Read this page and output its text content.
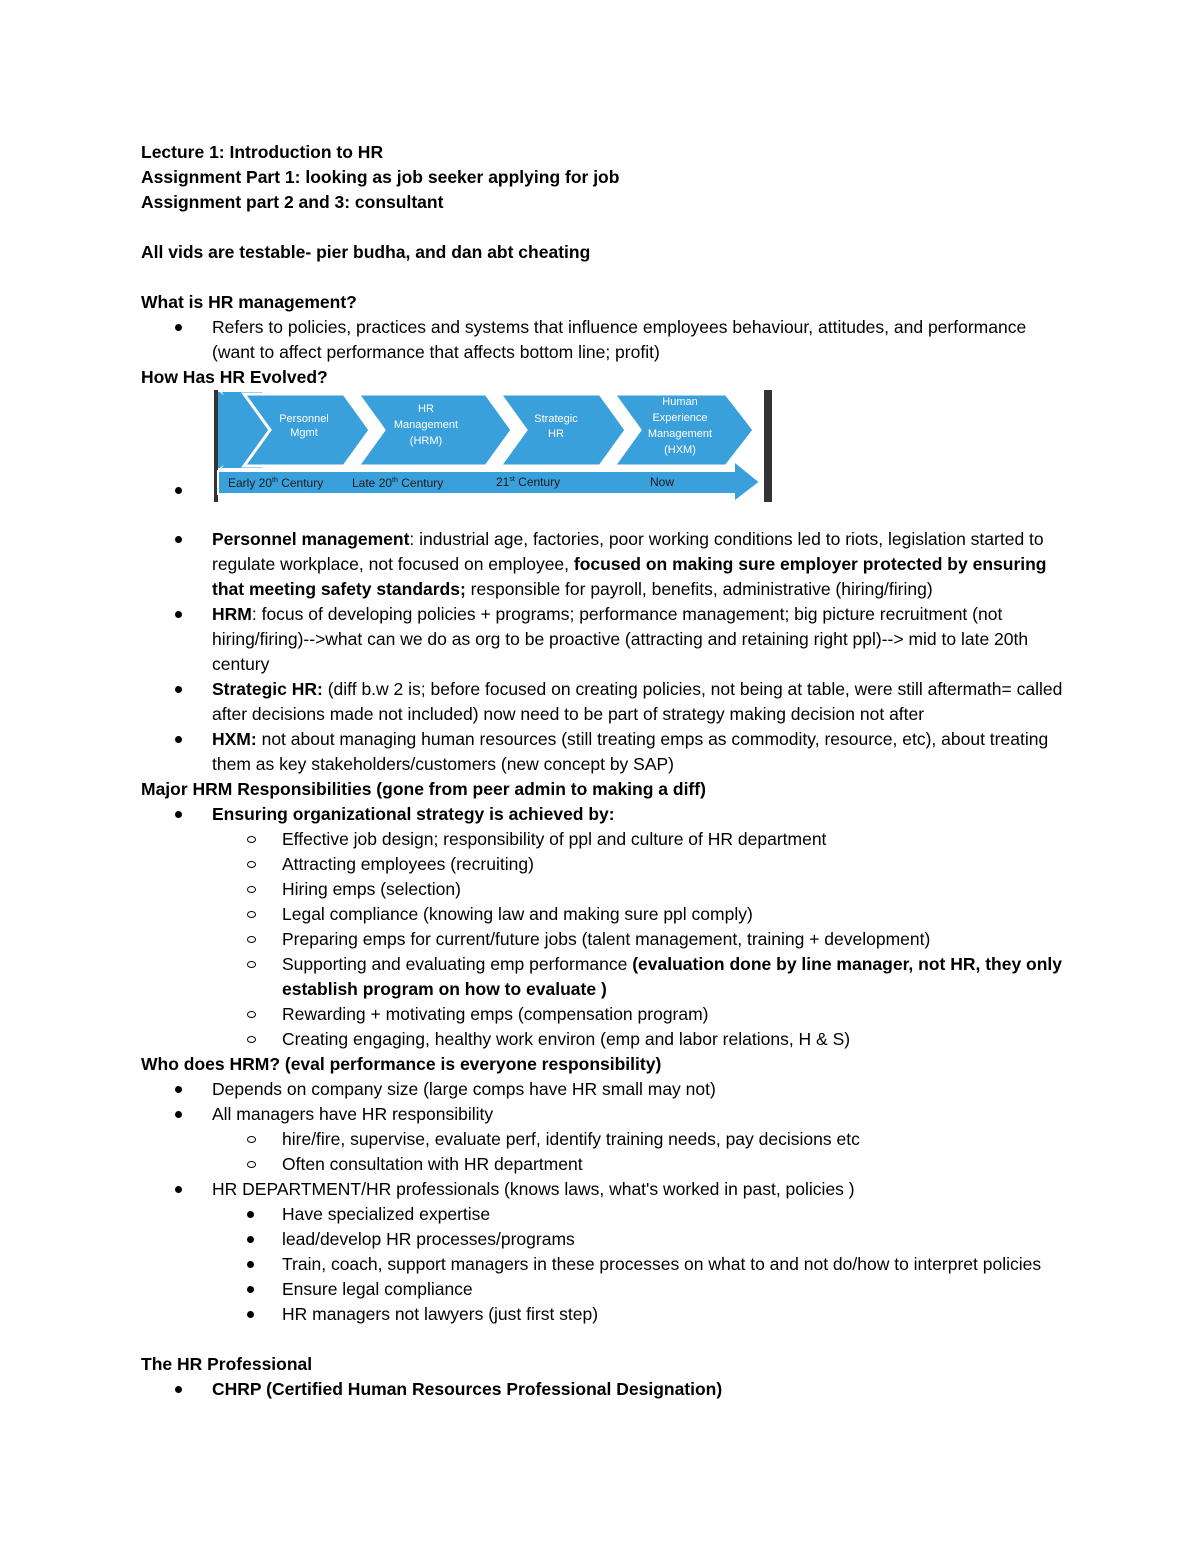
Lecture 1: Introduction to HR
Assignment Part 1: looking as job seeker applying for job
Assignment part 2 and 3: consultant
All vids are testable- pier budha, and dan abt cheating
What is HR management?
Refers to policies, practices and systems that influence employees behaviour, attitudes, and performance (want to affect performance that affects bottom line; profit)
How Has HR Evolved?
Personnel
Mgmt
HR
Management
(HRM)
Strategic
HR
Human
Experience
Management
(HXM)
Early 20th Century Late 20th Century	21st Century	Now
Personnel management: industrial age, factories, poor working conditions led to riots, legislation started to regulate workplace, not focused on employee, focused on making sure employer protected by ensuring that meeting safety standards; responsible for payroll, benefits, administrative (hiring/firing)
HRM: focus of developing policies + programs; performance management; big picture recruitment (not hiring/firing)-->what can we do as org to be proactive (attracting and retaining right ppl)--> mid to late 20th century
Strategic HR: (diff b.w 2 is; before focused on creating policies, not being at table, were still aftermath= called after decisions made not included) now need to be part of strategy making decision not after
HXM: not about managing human resources (still treating emps as commodity, resource, etc), about treating them as key stakeholders/customers (new concept by SAP)
Major HRM Responsibilities (gone from peer admin to making a diff)
Ensuring organizational strategy is achieved by:
Effective job design; responsibility of ppl and culture of HR department
Attracting employees (recruiting)
Hiring emps (selection)
Legal compliance (knowing law and making sure ppl comply)
Preparing emps for current/future jobs (talent management, training + development)
Supporting and evaluating emp performance (evaluation done by line manager, not HR, they only establish program on how to evaluate )
Rewarding + motivating emps (compensation program)
Creating engaging, healthy work environ (emp and labor relations, H & S)
Who does HRM? (eval performance is everyone responsibility)
Depends on company size (large comps have HR small may not)
All managers have HR responsibility
hire/fire, supervise, evaluate perf, identify training needs, pay decisions etc
Often consultation with HR department
HR DEPARTMENT/HR professionals (knows laws, what's worked in past, policies )
Have specialized expertise
lead/develop HR processes/programs
Train, coach, support managers in these processes on what to and not do/how to interpret policies
Ensure legal compliance
HR managers not lawyers (just first step)
The HR Professional
CHRP (Certified Human Resources Professional Designation)
